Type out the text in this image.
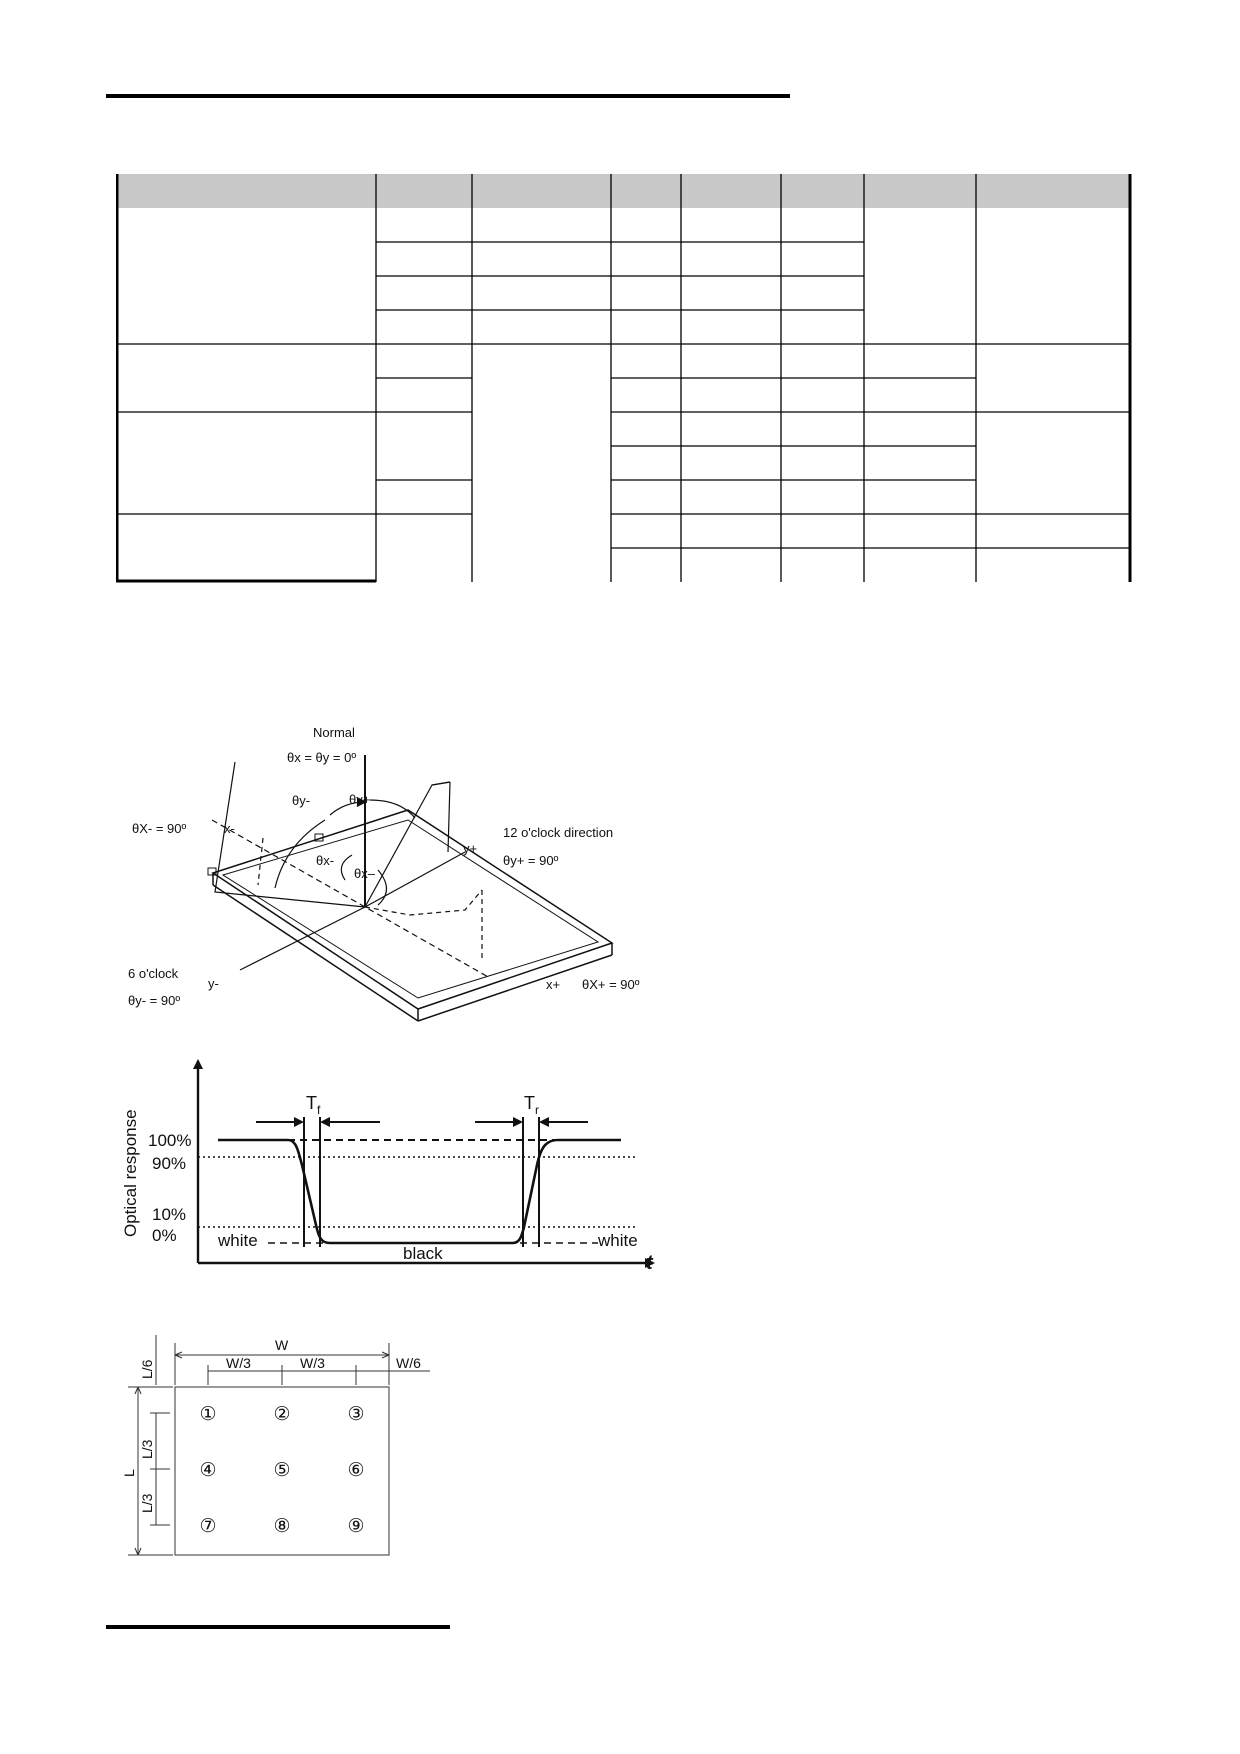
Normal
θx = θy = 0º
θX- = 90º	x-
θy-	θy+
θx-
θx–
y+
12 o'clock direction
θy+ = 90º
6 o'clock
θy- = 90º
y-	x+ θX+ = 90º
Optical response 100%
90%
10%
0%
$T_f$	$T_r$
white
black
white
t
W
W/3	W/3	W/6
L/6
L/3
L/3
L
①	②	③
④	⑤	⑥
⑦	⑧	⑨
